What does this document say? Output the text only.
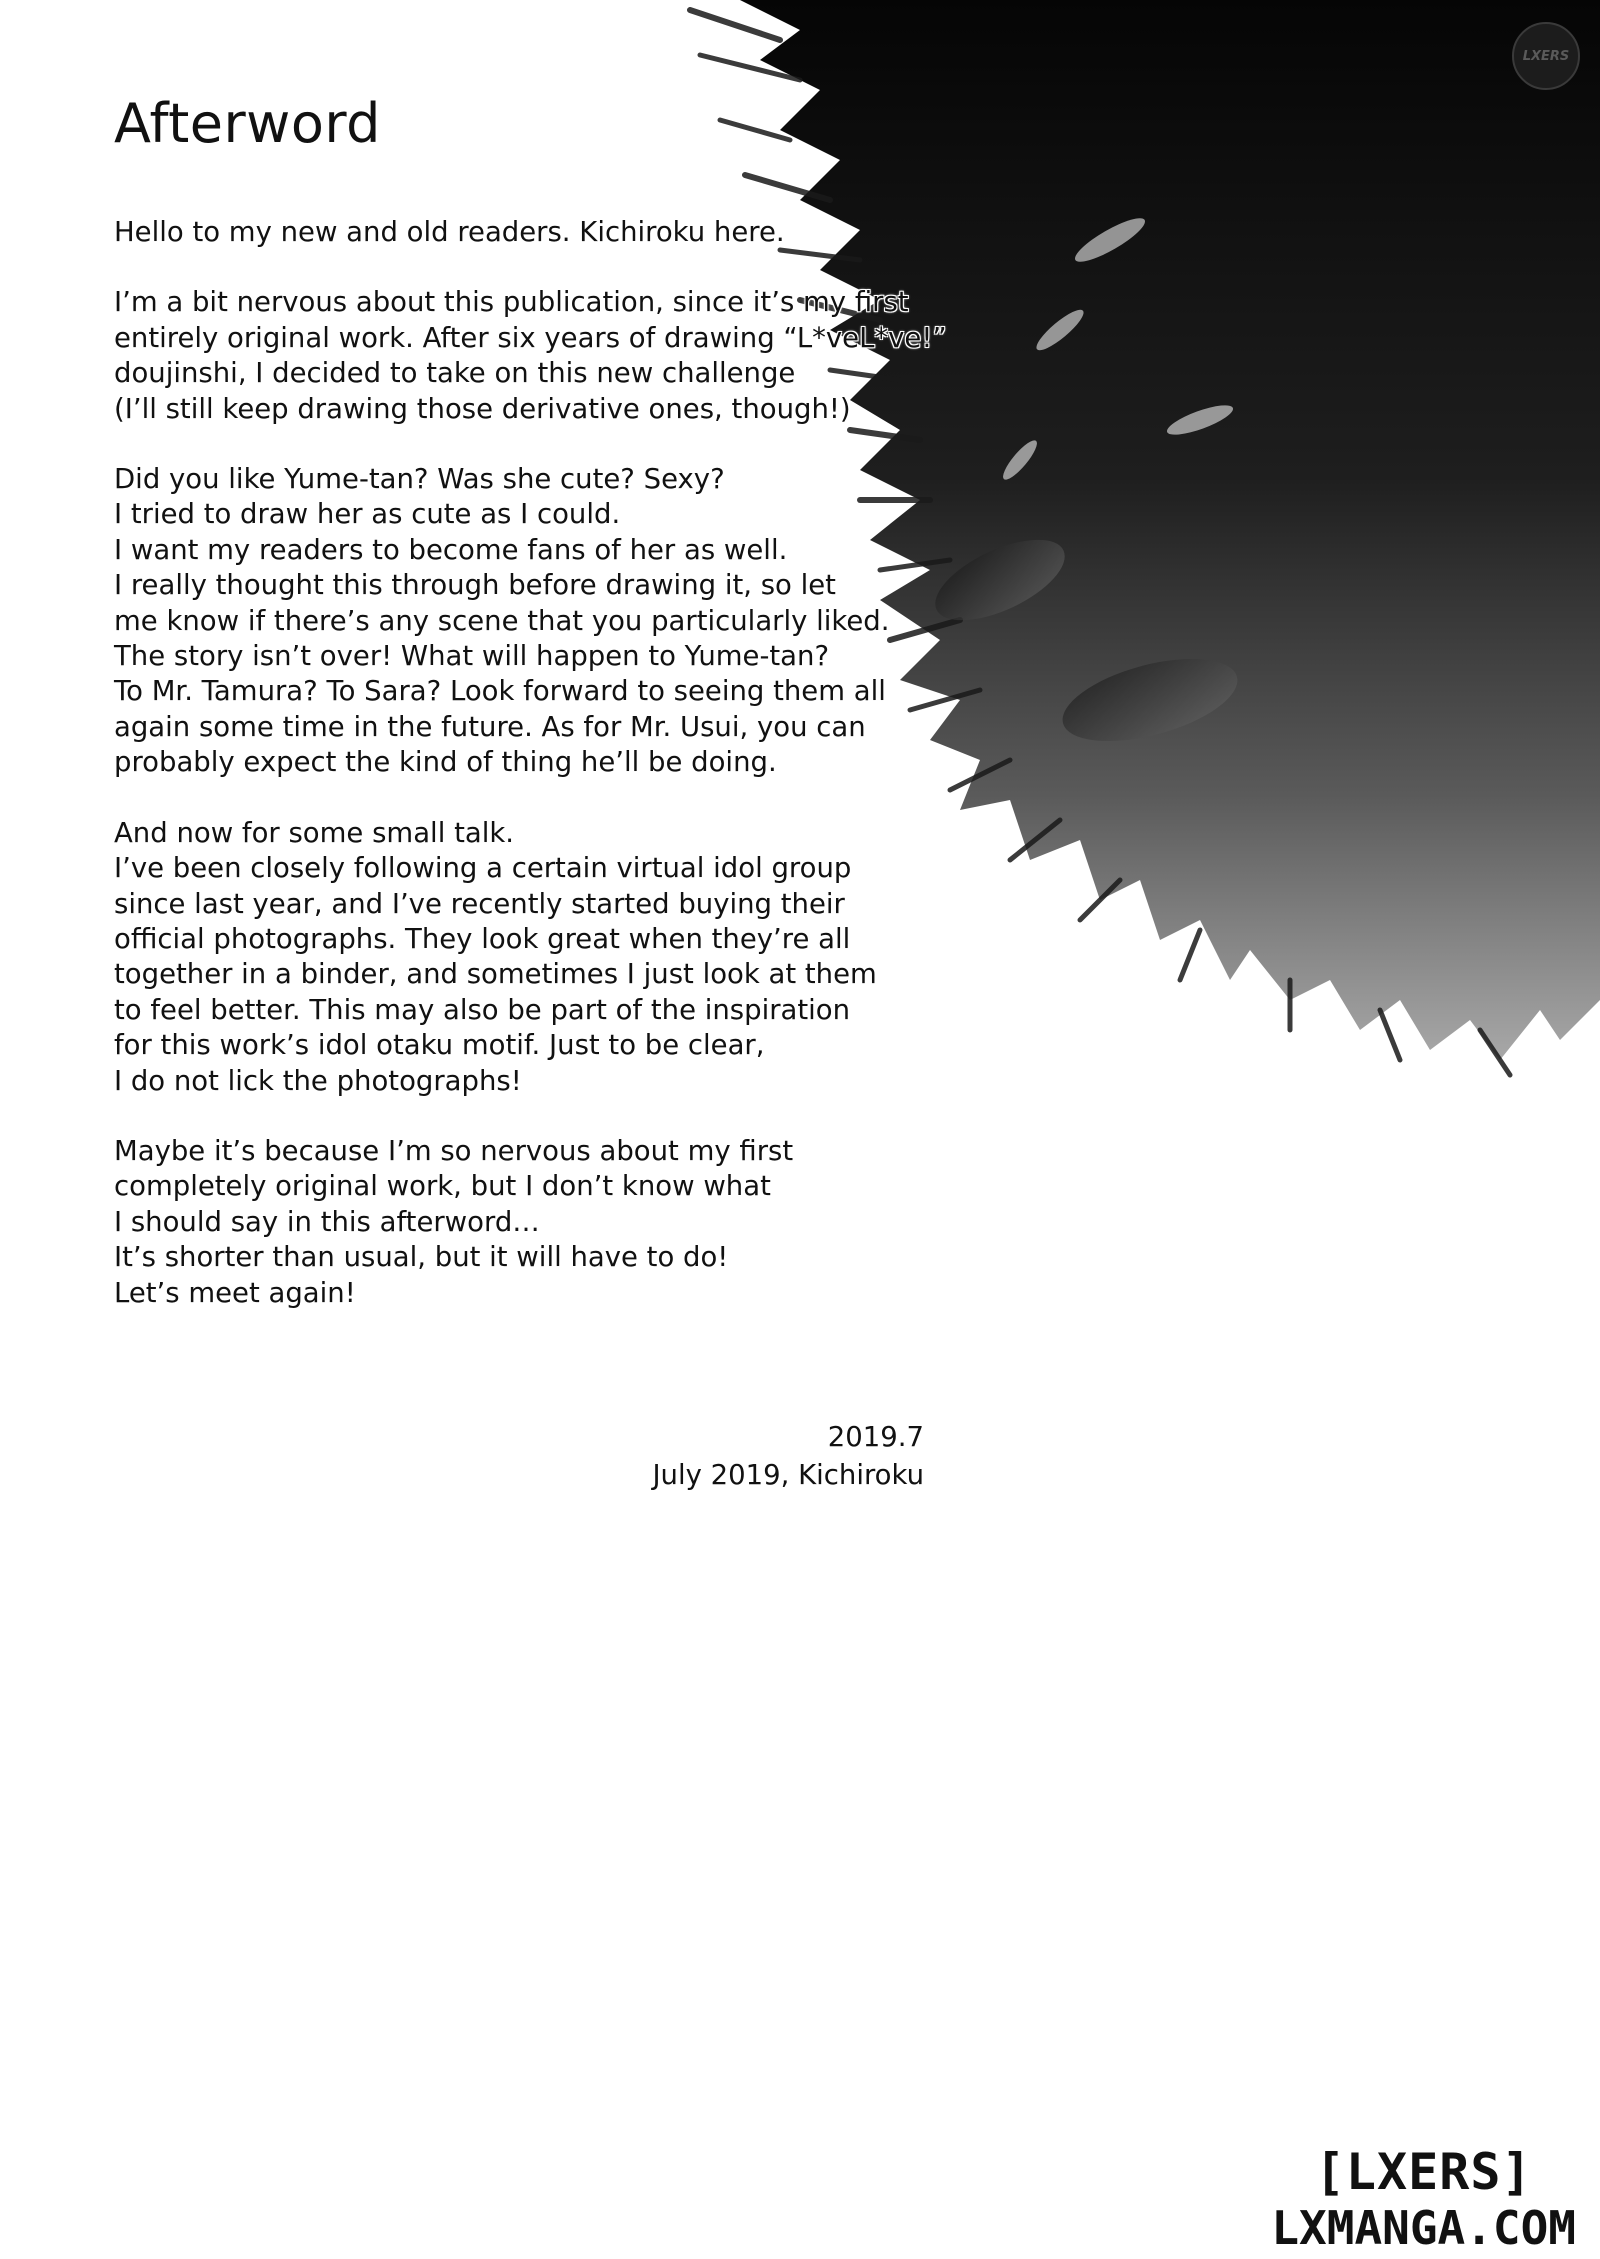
LXERS
Afterword

Hello to my new and old readers. Kichiroku here.

I’m a bit nervous about this publication, since it’s my first
entirely original work. After six years of drawing “L*veL*ve!”
doujinshi, I decided to take on this new challenge
(I’ll still keep drawing those derivative ones, though!)

Did you like Yume-tan? Was she cute? Sexy?
I tried to draw her as cute as I could.
I want my readers to become fans of her as well.
I really thought this through before drawing it, so let
me know if there’s any scene that you particularly liked.
The story isn’t over! What will happen to Yume-tan?
To Mr. Tamura? To Sara? Look forward to seeing them all
again some time in the future. As for Mr. Usui, you can
probably expect the kind of thing he’ll be doing.

And now for some small talk.
I’ve been closely following a certain virtual idol group
since last year, and I’ve recently started buying their
official photographs. They look great when they’re all
together in a binder, and sometimes I just look at them
to feel better. This may also be part of the inspiration
for this work’s idol otaku motif. Just to be clear,
I do not lick the photographs!

Maybe it’s because I’m so nervous about my first
completely original work, but I don’t know what
I should say in this afterword…
It’s shorter than usual, but it will have to do!
Let’s meet again!

2019.7
July 2019, Kichiroku
[LXERS]
LXMANGA.COM
